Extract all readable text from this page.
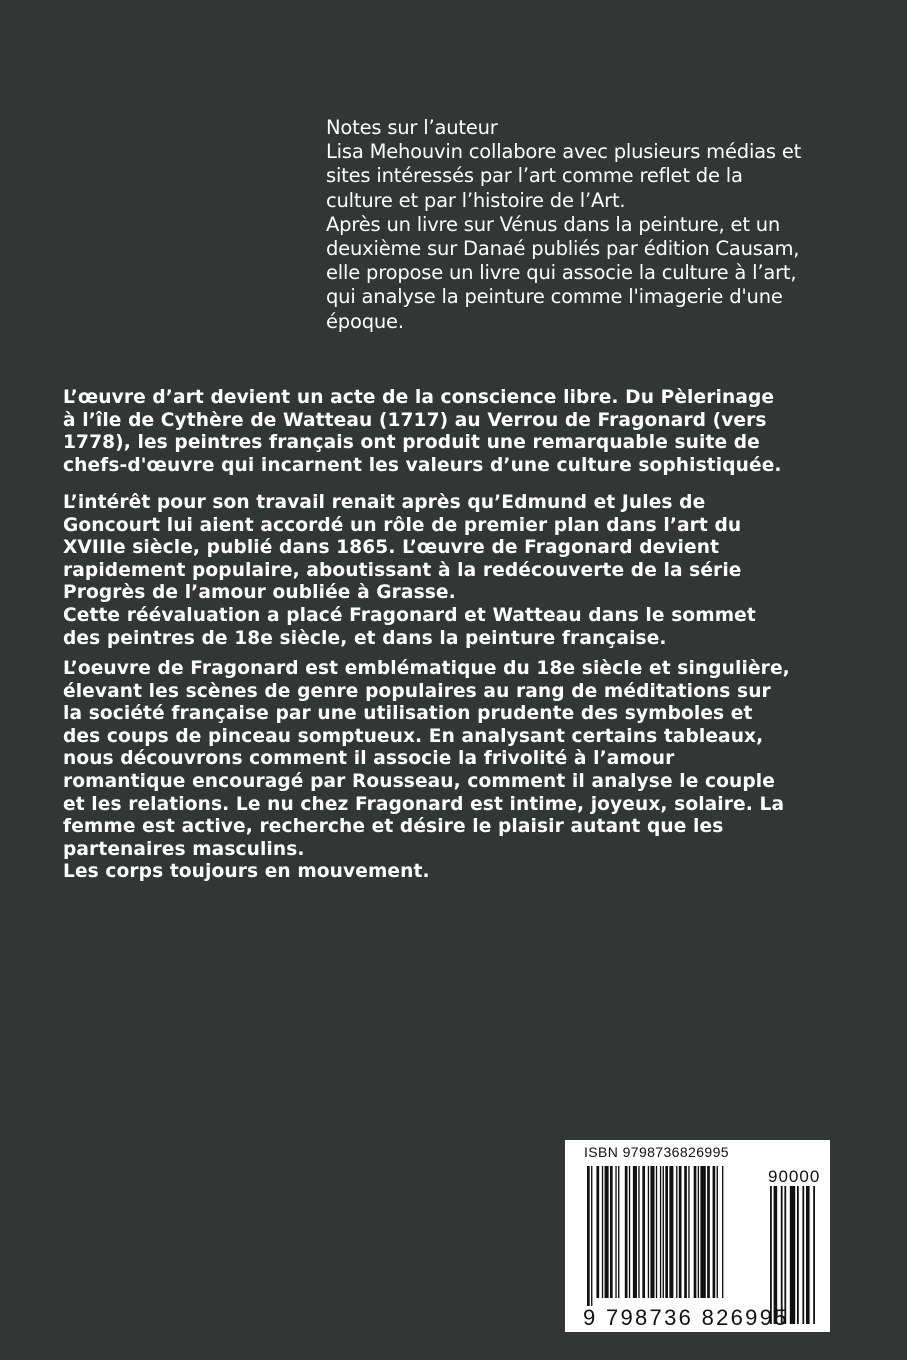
Notes sur l’auteur
Lisa Mehouvin collabore avec plusieurs médias et
sites intéressés par l’art comme reflet de la
culture et par l’histoire de l’Art.
Après un livre sur Vénus dans la peinture, et un
deuxième sur Danaé publiés par édition Causam,
elle propose un livre qui associe la culture à l’art,
qui analyse la peinture comme l'imagerie d'une
époque.
L’œuvre d’art devient un acte de la conscience libre. Du Pèlerinage
à l’île de Cythère de Watteau (1717) au Verrou de Fragonard (vers
1778), les peintres français ont produit une remarquable suite de
chefs-d'œuvre qui incarnent les valeurs d’une culture sophistiquée.
L’intérêt pour son travail renait après qu’Edmund et Jules de
Goncourt lui aient accordé un rôle de premier plan dans l’art du
XVIIIe siècle, publié dans 1865. L’œuvre de Fragonard devient
rapidement populaire, aboutissant à la redécouverte de la série
Progrès de l’amour oubliée à Grasse.
Cette réévaluation a placé Fragonard et Watteau dans le sommet
des peintres de 18e siècle, et dans la peinture française.
L’oeuvre de Fragonard est emblématique du 18e siècle et singulière,
élevant les scènes de genre populaires au rang de méditations sur
la société française par une utilisation prudente des symboles et
des coups de pinceau somptueux. En analysant certains tableaux,
nous découvrons comment il associe la frivolité à l’amour
romantique encouragé par Rousseau, comment il analyse le couple
et les relations. Le nu chez Fragonard est intime, joyeux, solaire. La
femme est active, recherche et désire le plaisir autant que les
partenaires masculins.
Les corps toujours en mouvement.
ISBN 9798736826995
90000
9 798736 826995
